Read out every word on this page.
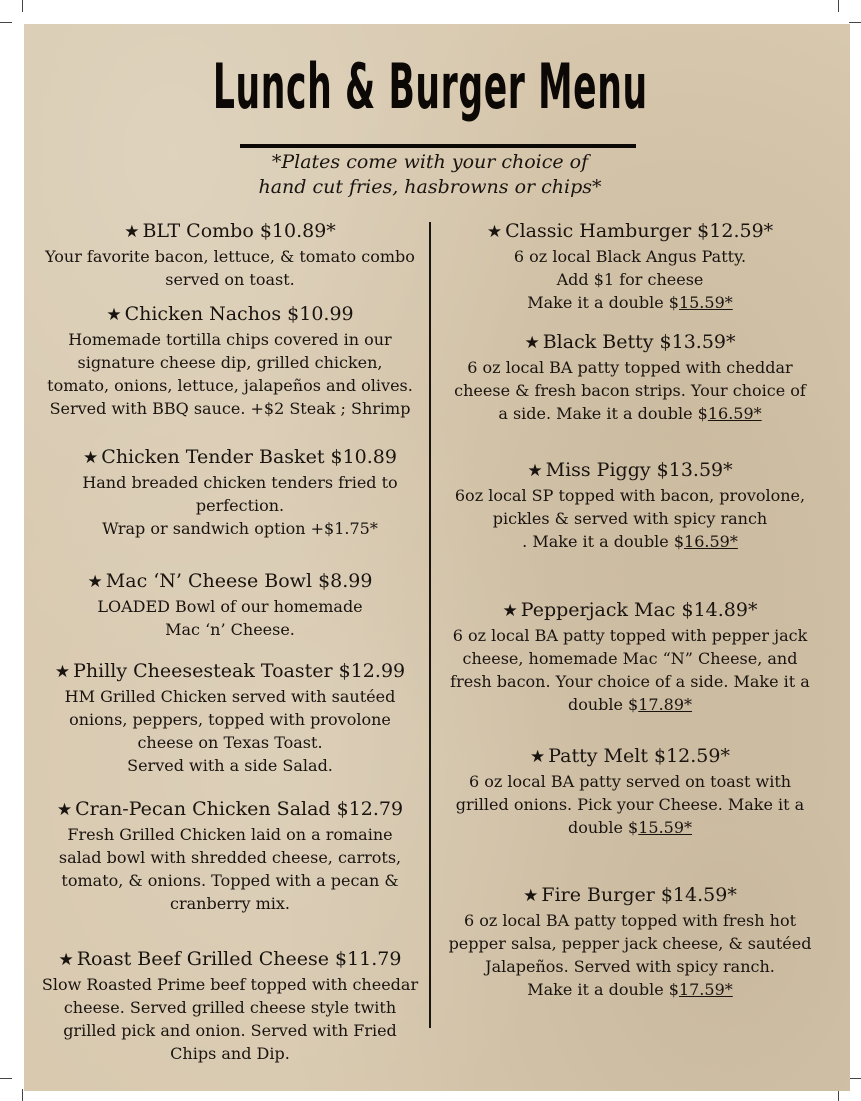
Lunch & Burger Menu
*Plates come with your choice of
hand cut fries, hasbrowns or chips*
★ BLT Combo $10.89*
Your favorite bacon, lettuce, & tomato combo
served on toast.
★ Chicken Nachos $10.99
Homemade tortilla chips covered in our
signature cheese dip, grilled chicken,
tomato, onions, lettuce, jalapeños and olives.
Served with BBQ sauce. +$2 Steak ; Shrimp
★ Chicken Tender Basket $10.89
Hand breaded chicken tenders fried to
perfection.
Wrap or sandwich option +$1.75*
★ Mac ‘N’ Cheese Bowl $8.99
LOADED Bowl of our homemade
Mac ‘n’ Cheese.
★ Philly Cheesesteak Toaster $12.99
HM Grilled Chicken served with sautéed
onions, peppers, topped with provolone
cheese on Texas Toast.
Served with a side Salad.
★ Cran-Pecan Chicken Salad $12.79
Fresh Grilled Chicken laid on a romaine
salad bowl with shredded cheese, carrots,
tomato, & onions. Topped with a pecan &
cranberry mix.
★ Roast Beef Grilled Cheese $11.79
Slow Roasted Prime beef topped with cheedar
cheese. Served grilled cheese style twith
grilled pick and onion. Served with Fried
Chips and Dip.
★ Classic Hamburger $12.59*
6 oz local Black Angus Patty.
Add $1 for cheese
Make it a double $15.59*
★ Black Betty $13.59*
6 oz local BA patty topped with cheddar
cheese & fresh bacon strips. Your choice of
a side. Make it a double $16.59*
★ Miss Piggy $13.59*
6oz local SP topped with bacon, provolone,
pickles & served with spicy ranch
. Make it a double $16.59*
★ Pepperjack Mac $14.89*
6 oz local BA patty topped with pepper jack
cheese, homemade Mac “N” Cheese, and
fresh bacon. Your choice of a side. Make it a
double $17.89*
★ Patty Melt $12.59*
6 oz local BA patty served on toast with
grilled onions. Pick your Cheese. Make it a
double $15.59*
★ Fire Burger $14.59*
6 oz local BA patty topped with fresh hot
pepper salsa, pepper jack cheese, & sautéed
Jalapeños. Served with spicy ranch.
Make it a double $17.59*
